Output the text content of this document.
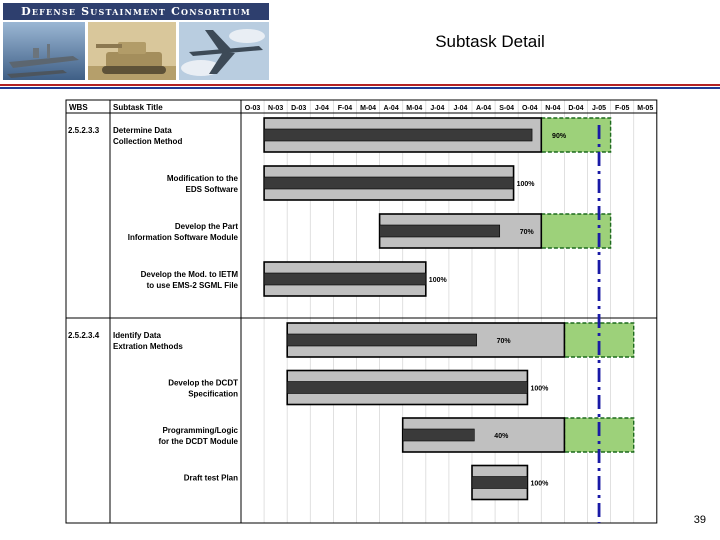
Defense Sustainment Consortium
Subtask Detail
O-03 N-03 D-03 J-04 F-04 M-04 A-04 M-04 J-04 J-04 A-04 S-04 O-04 N-04 D-04 J-05 F-05 M-05
WBS	Subtask Title
Determine Data
Collection Method
2.5.2.3.3
90%
Modification to the
EDS Software
100%
Develop the Part
Information Software Module
70%
Develop the Mod. to IETM
to use EMS-2 SGML File
100%
Identify Data
Extration Methods
2.5.2.3.4
70%
Develop the DCDT
Specification
100%
Programming/Logic
for the DCDT Module
40%
Draft test Plan
100%
39
